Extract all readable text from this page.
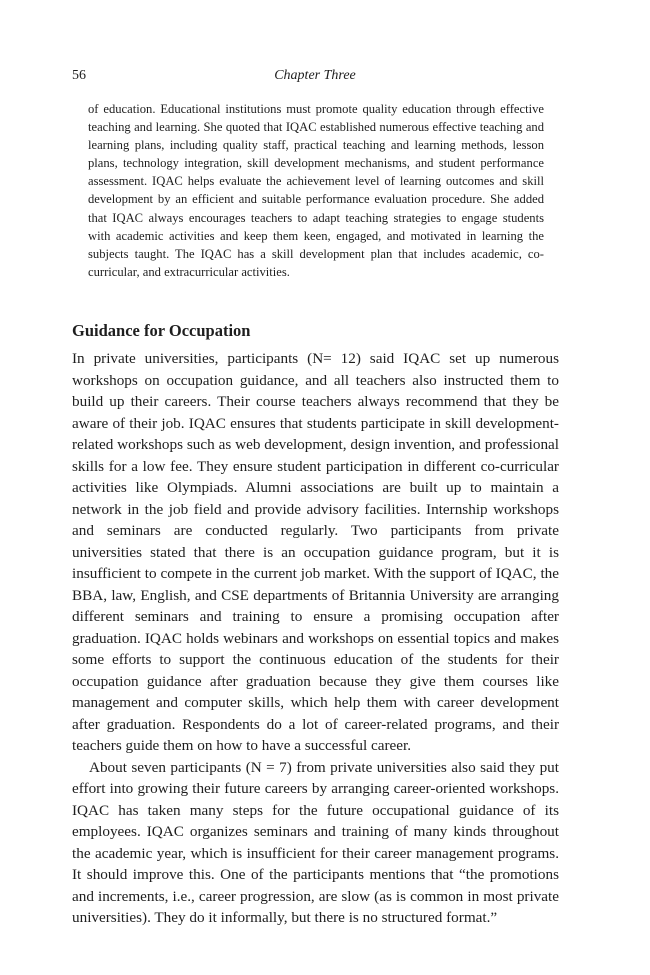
56	Chapter Three

of education. Educational institutions must promote quality education through effective teaching and learning. She quoted that IQAC established numerous effective teaching and learning plans, including quality staff, practical teaching and learning methods, lesson plans, technology integration, skill development mechanisms, and student performance assessment. IQAC helps evaluate the achievement level of learning outcomes and skill development by an efficient and suitable performance evaluation procedure. She added that IQAC always encourages teachers to adapt teaching strategies to engage students with academic activities and keep them keen, engaged, and motivated in learning the subjects taught. The IQAC has a skill development plan that includes academic, co-curricular, and extracurricular activities.

Guidance for Occupation

In private universities, participants (N= 12) said IQAC set up numerous workshops on occupation guidance, and all teachers also instructed them to build up their careers. Their course teachers always recommend that they be aware of their job. IQAC ensures that students participate in skill development-related workshops such as web development, design invention, and professional skills for a low fee. They ensure student participation in different co-curricular activities like Olympiads. Alumni associations are built up to maintain a network in the job field and provide advisory facilities. Internship workshops and seminars are conducted regularly. Two participants from private universities stated that there is an occupation guidance program, but it is insufficient to compete in the current job market. With the support of IQAC, the BBA, law, English, and CSE departments of Britannia University are arranging different seminars and training to ensure a promising occupation after graduation. IQAC holds webinars and workshops on essential topics and makes some efforts to support the continuous education of the students for their occupation guidance after graduation because they give them courses like management and computer skills, which help them with career development after graduation. Respondents do a lot of career-related programs, and their teachers guide them on how to have a successful career.

About seven participants (N = 7) from private universities also said they put effort into growing their future careers by arranging career-oriented workshops. IQAC has taken many steps for the future occupational guidance of its employees. IQAC organizes seminars and training of many kinds throughout the academic year, which is insufficient for their career management programs. It should improve this. One of the participants mentions that “the promotions and increments, i.e., career progression, are slow (as is common in most private universities). They do it informally, but there is no structured format.”
